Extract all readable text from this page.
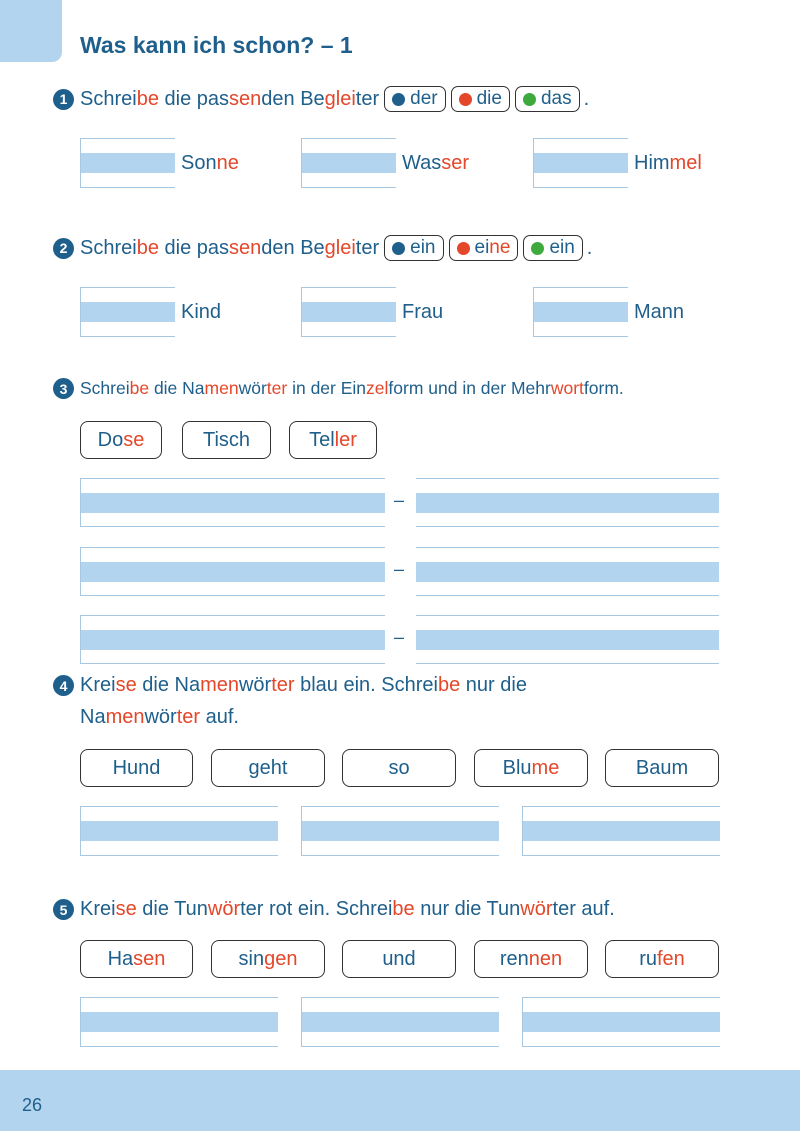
Was kann ich schon? – 1
1 Schreibe die passenden Begleiter der die das .
Sonne	Wasser	Himmel
2 Schreibe die passenden Begleiter ein eine ein .
Kind	Frau	Mann
3 Schreibe die Namenwörter in der Einzelform und in der Mehrwortform.
Do se	Tisch	Tel ler
–
–
–
4 Kreise die Namenwörter blau ein. Schreibe nur die
Namenwörter auf.
Hund	geht	so	Blu me	Baum
5 Kreise die Tunwörter rot ein. Schreibe nur die Tunwörter auf.
Ha sen	sin gen	und	ren nen	ru fen
26
